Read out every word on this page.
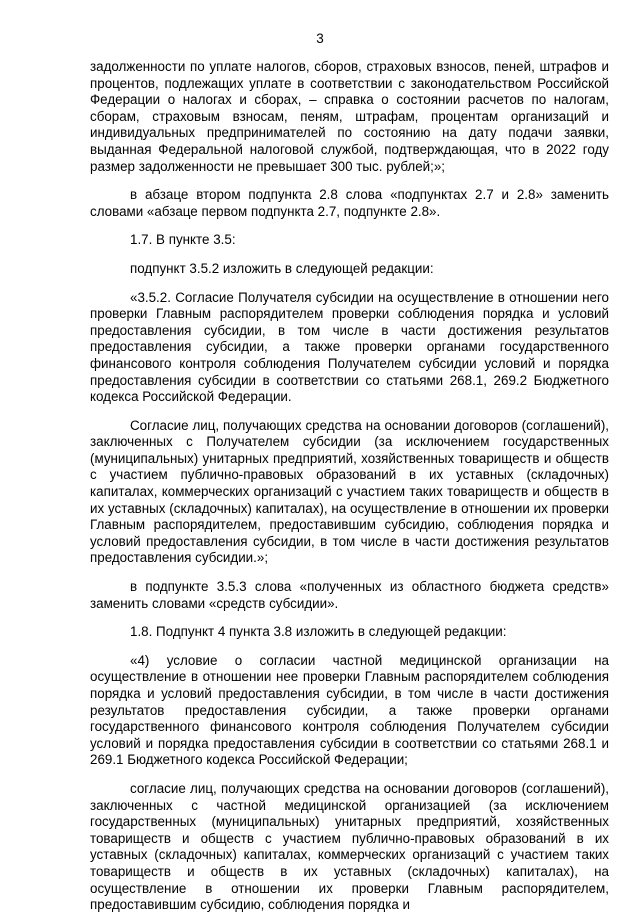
3

задолженности по уплате налогов, сборов, страховых взносов, пеней, штрафов и процентов, подлежащих уплате в соответствии с законодательством Российской Федерации о налогах и сборах, – справка о состоянии расчетов по налогам, сборам, страховым взносам, пеням, штрафам, процентам организаций и индивидуальных предпринимателей по состоянию на дату подачи заявки, выданная Федеральной налоговой службой, подтверждающая, что в 2022 году размер задолженности не превышает 300 тыс. рублей;»;

в абзаце втором подпункта 2.8 слова «подпунктах 2.7 и 2.8» заменить словами «абзаце первом подпункта 2.7, подпункте 2.8».

1.7. В пункте 3.5:

подпункт 3.5.2 изложить в следующей редакции:

«3.5.2. Согласие Получателя субсидии на осуществление в отношении него проверки Главным распорядителем проверки соблюдения порядка и условий предоставления субсидии, в том числе в части достижения результатов предоставления субсидии, а также проверки органами государственного финансового контроля соблюдения Получателем субсидии условий и порядка предоставления субсидии в соответствии со статьями 268.1, 269.2 Бюджетного кодекса Российской Федерации.

Согласие лиц, получающих средства на основании договоров (соглашений), заключенных с Получателем субсидии (за исключением государственных (муниципальных) унитарных предприятий, хозяйственных товариществ и обществ с участием публично-правовых образований в их уставных (складочных) капиталах, коммерческих организаций с участием таких товариществ и обществ в их уставных (складочных) капиталах), на осуществление в отношении их проверки Главным распорядителем, предоставившим субсидию, соблюдения порядка и условий предоставления субсидии, в том числе в части достижения результатов предоставления субсидии.»;

в подпункте 3.5.3 слова «полученных из областного бюджета средств» заменить словами «средств субсидии».

1.8. Подпункт 4 пункта 3.8 изложить в следующей редакции:

«4) условие о согласии частной медицинской организации на осуществление в отношении нее проверки Главным распорядителем соблюдения порядка и условий предоставления субсидии, в том числе в части достижения результатов предоставления субсидии, а также проверки органами государственного финансового контроля соблюдения Получателем субсидии условий и порядка предоставления субсидии в соответствии со статьями 268.1 и 269.1 Бюджетного кодекса Российской Федерации;

согласие лиц, получающих средства на основании договоров (соглашений), заключенных с частной медицинской организацией (за исключением государственных (муниципальных) унитарных предприятий, хозяйственных товариществ и обществ с участием публично-правовых образований в их уставных (складочных) капиталах, коммерческих организаций с участием таких товариществ и обществ в их уставных (складочных) капиталах), на осуществление в отношении их проверки Главным распорядителем, предоставившим субсидию, соблюдения порядка и
